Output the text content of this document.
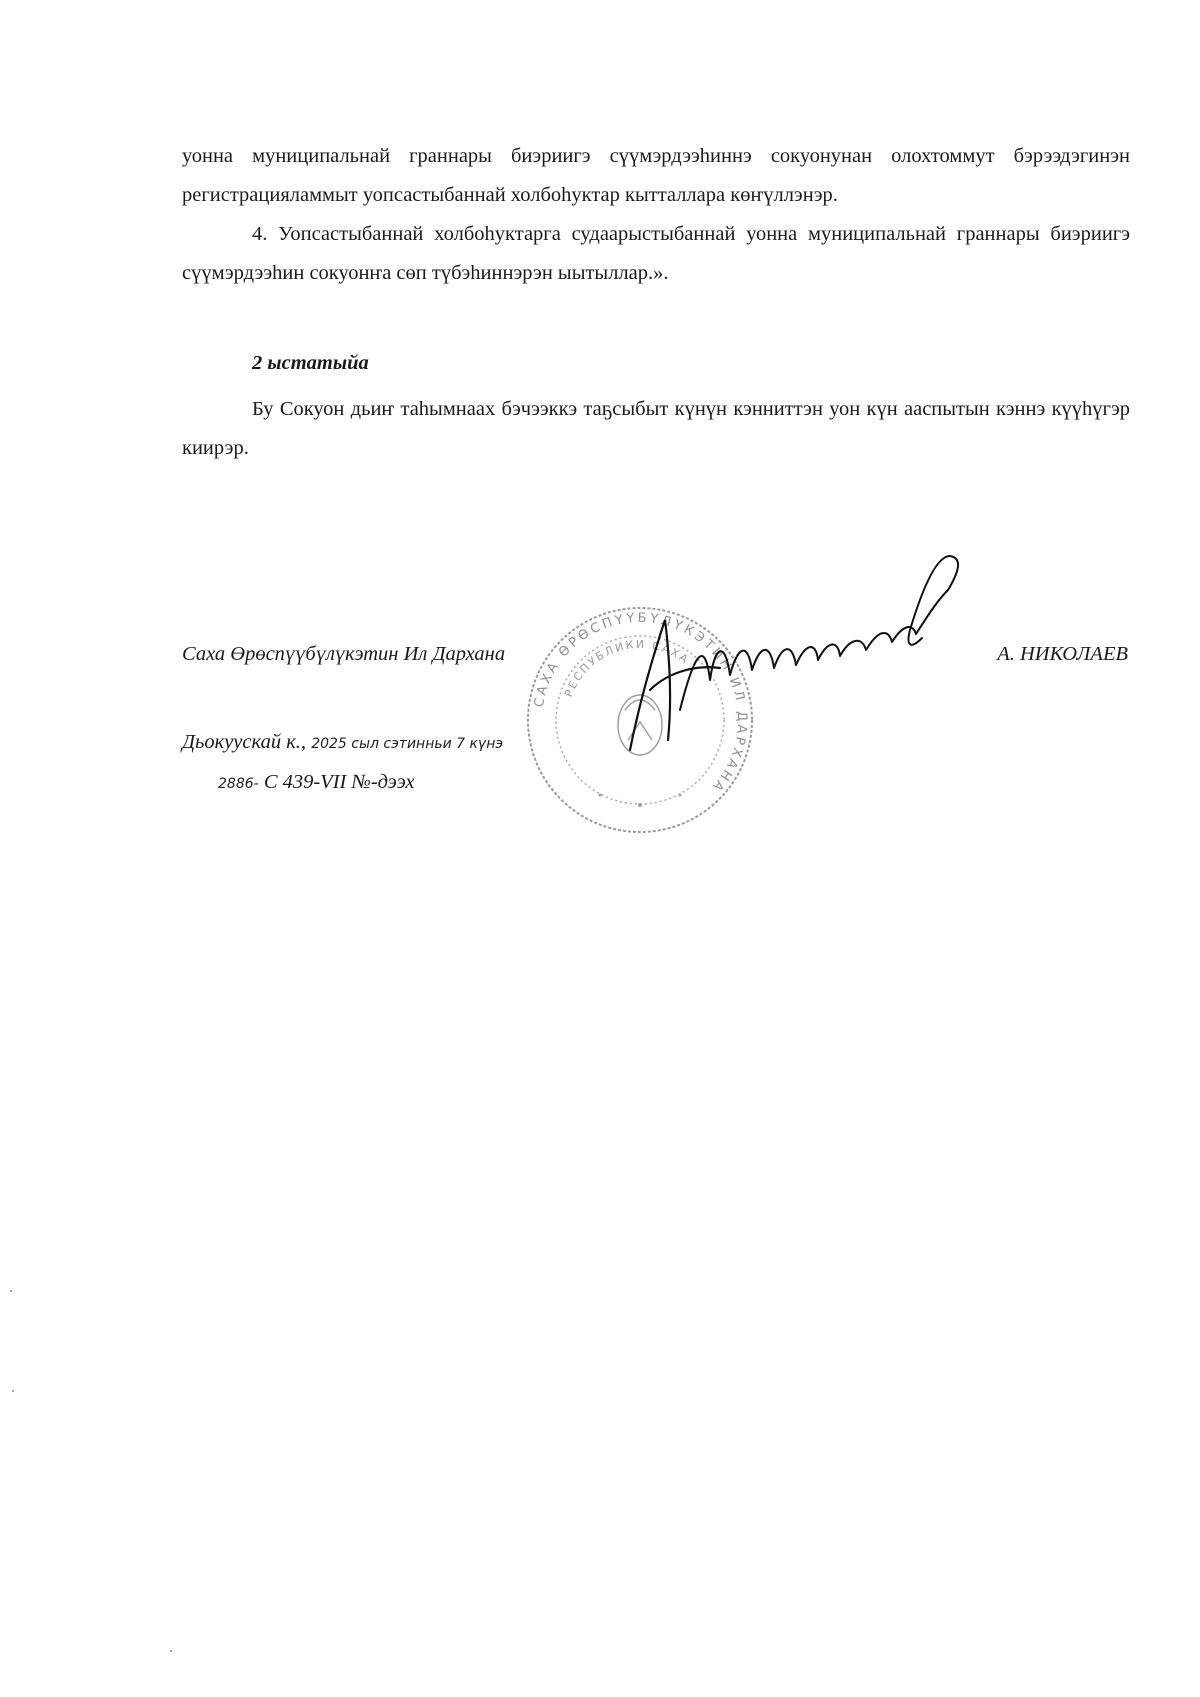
уонна муниципальнай граннары биэриигэ сүүмэрдээһиннэ сокуонунан олохтоммут бэрээдэгинэн регистрацияламмыт уопсастыбаннай холбоһуктар кытталлара көҥүллэнэр.

4. Уопсастыбаннай холбоһуктарга судаарыстыбаннай уонна муниципальнай граннары биэриигэ сүүмэрдээһин сокуонҥа сөп түбэһиннэрэн ыытыллар.».

2 ыстатыйа

Бу Сокуон дьиҥ таһымнаах бэчээккэ таҕсыбыт күнүн кэнниттэн уон күн ааспытын кэннэ күүһүгэр киирэр.

САХА ӨРӨСПҮҮБҮЛҮКЭТИН ИЛ ДАРХАНА
РЕСПУБЛИКИ САХА
Саха Өрөспүүбүлүкэтин Ил Дархана	А. НИКОЛАЕВ
Дьокуускай к., 2025 сыл сэтинньи 7 күнэ
2886- С 439-VII №-дээх
